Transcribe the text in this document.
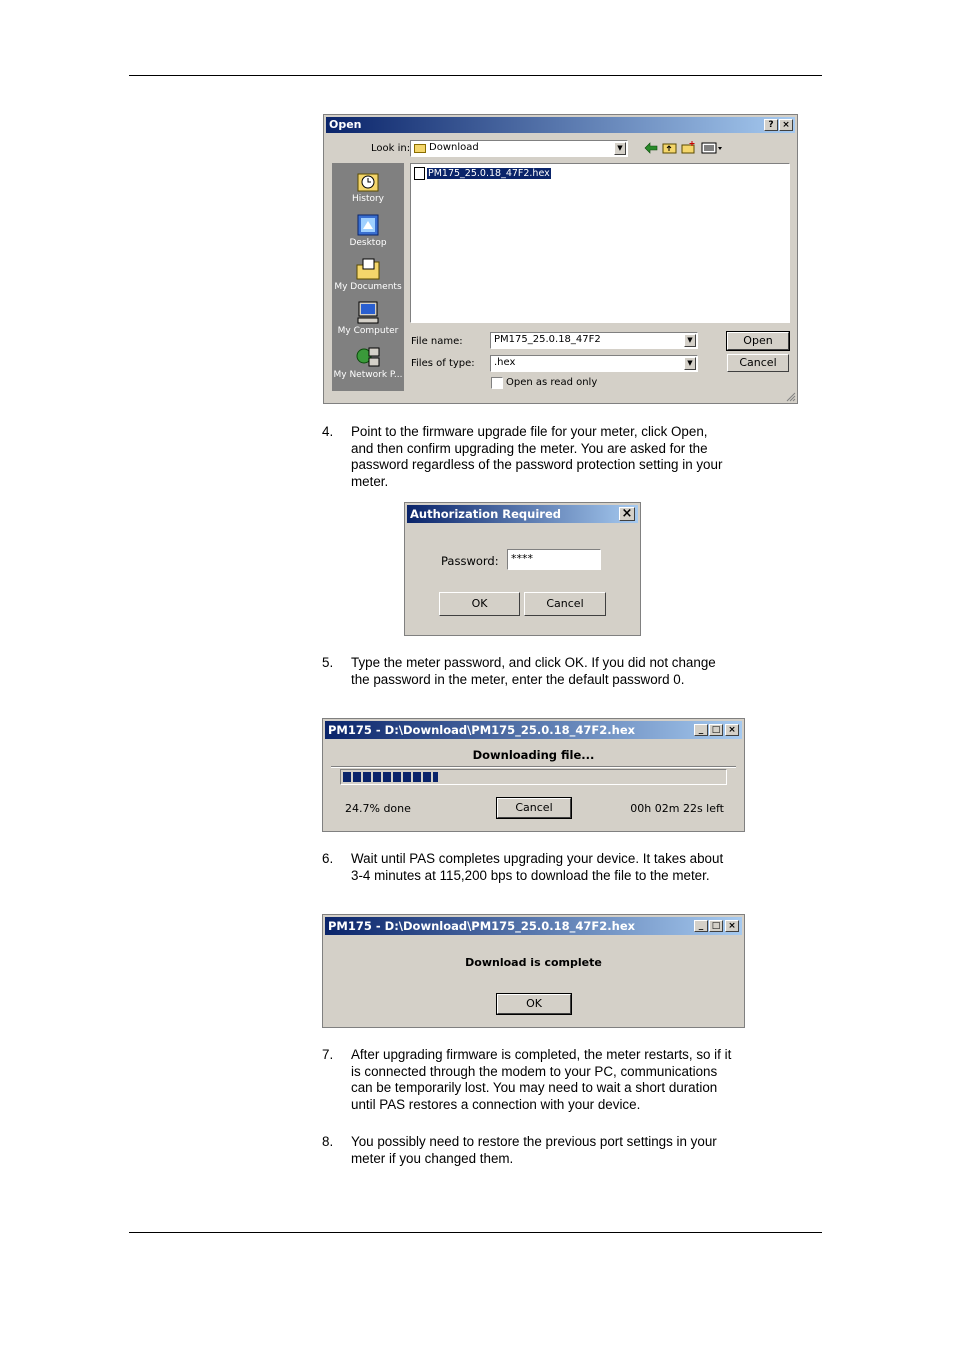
Open	? ×
Look in:	Download	▼
History
Desktop
My Documents
My Computer
My Network P...
PM175_25.0.18_47F2.hex
File name:	PM175_25.0.18_47F2	▼
Files of type:	.hex	▼
Open as read only
Open
Cancel
4. Point to the firmware upgrade file for your meter, click Open, and then confirm upgrading the meter. You are asked for the password regardless of the password protection setting in your meter.
Authorization Required	×
Password:	****
OK	Cancel
5. Type the meter password, and click OK. If you did not change the password in the meter, enter the default password 0.
PM175 - D:\Download\PM175_25.0.18_47F2.hex	_ □ ×
Downloading file...
24.7% done	Cancel	00h 02m 22s left
6. Wait until PAS completes upgrading your device. It takes about 3-4 minutes at 115,200 bps to download the file to the meter.
PM175 - D:\Download\PM175_25.0.18_47F2.hex	_ □ ×
Download is complete
OK
7. After upgrading firmware is completed, the meter restarts, so if it is connected through the modem to your PC, communications can be temporarily lost. You may need to wait a short duration until PAS restores a connection with your device.
8. You possibly need to restore the previous port settings in your meter if you changed them.
